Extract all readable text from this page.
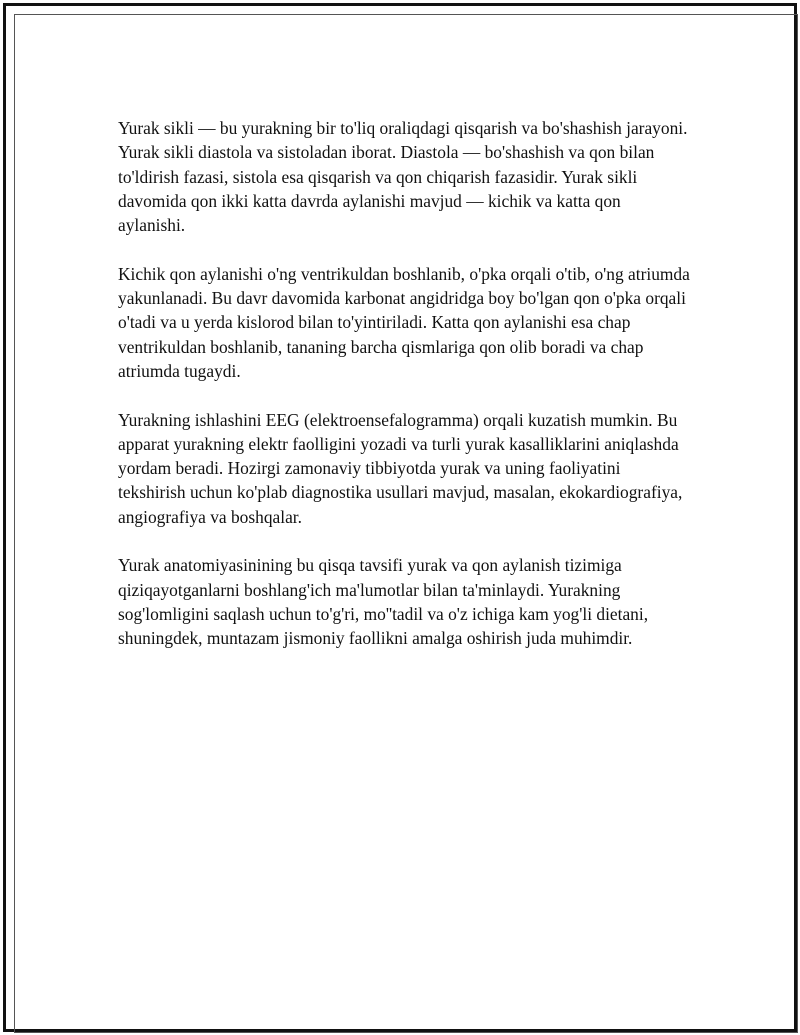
Yurak sikli — bu yurakning bir to'liq oraliqdagi qisqarish va bo'shashish jarayoni. Yurak sikli diastola va sistoladan iborat. Diastola — bo'shashish va qon bilan to'ldirish fazasi, sistola esa qisqarish va qon chiqarish fazasidir. Yurak sikli davomida qon ikki katta davrda aylanishi mavjud — kichik va katta qon aylanishi.

Kichik qon aylanishi o'ng ventrikuldan boshlanib, o'pka orqali o'tib, o'ng atriumda yakunlanadi. Bu davr davomida karbonat angidridga boy bo'lgan qon o'pka orqali o'tadi va u yerda kislorod bilan to'yintiriladi. Katta qon aylanishi esa chap ventrikuldan boshlanib, tananing barcha qismlariga qon olib boradi va chap atriumda tugaydi.

Yurakning ishlashini EEG (elektroensefalogramma) orqali kuzatish mumkin. Bu apparat yurakning elektr faolligini yozadi va turli yurak kasalliklarini aniqlashda yordam beradi. Hozirgi zamonaviy tibbiyotda yurak va uning faoliyatini tekshirish uchun ko'plab diagnostika usullari mavjud, masalan, ekokardiografiya, angiografiya va boshqalar.

Yurak anatomiyasinining bu qisqa tavsifi yurak va qon aylanish tizimiga qiziqayotganlarni boshlang'ich ma'lumotlar bilan ta'minlaydi. Yurakning sog'lomligini saqlash uchun to'g'ri, mo''tadil va o'z ichiga kam yog'li dietani, shuningdek, muntazam jismoniy faollikni amalga oshirish juda muhimdir.
